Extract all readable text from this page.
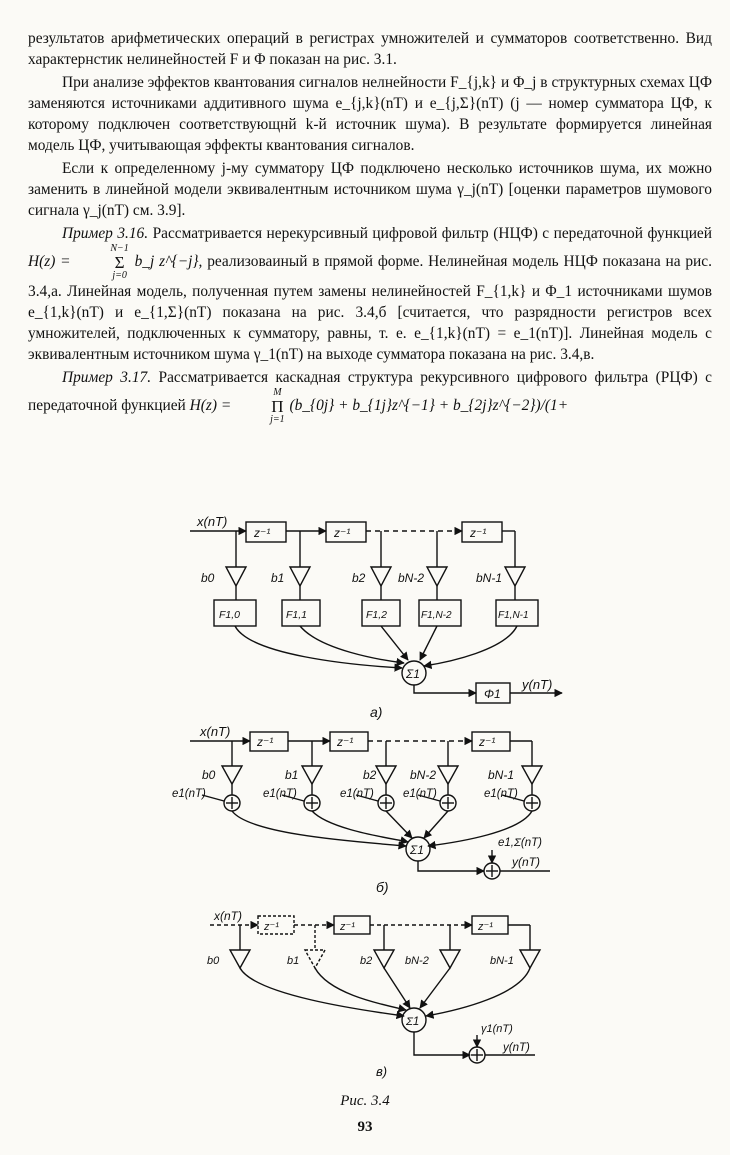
результатов арифметических операций в регистрах умножителей и сумматоров соответственно. Вид характернстик нелинейностей F и Φ показан на рис. 3.1.

При анализе эффектов квантования сигналов нелнейности F_{j,k} и Φ_j в структурных схемах ЦФ заменяются источниками аддитивного шума e_{j,k}(nT) и e_{j,Σ}(nT) (j — номер сумматора ЦФ, к которому подключен соответствующнй k-й источник шума). В результате формируется линейная модель ЦФ, учитывающая эффекты квантования сигналов.

Если к определенному j-му сумматору ЦФ подключено несколько источников шума, их можно заменить в линейной модели эквивалентным источником шума γ_j(nT) [оценки параметров шумового сигнала γ_j(nT) см. 3.9].

Пример 3.16. Рассматривается нерекурсивный цифровой фильтр (НЦФ) с передаточной функцией H(z) =
N−1
Σ
j=0
b_j z^{−j}, реализоваиный в прямой форме. Нелинейная модель НЦФ показана на рис. 3.4,а. Линейная модель, полученная путем замены нелинейностей F_{1,k} и Φ_1 источниками шумов e_{1,k}(nT) и e_{1,Σ}(nT) показана на рис. 3.4,б [считается, что разрядности регистров всех умножителей, подключенных к сумматору, равны, т. е. e_{1,k}(nT) = e_1(nT)]. Линейная модель с эквивалентным источником шума γ_1(nT) на выходе сумматора показана на рис. 3.4,в.

Пример 3.17. Рассматривается каскадная структура рекурсивного цифрового фильтра (РЦФ) с передаточной функцией H(z) =
M
Π
j=1
(b_{0j} + b_{1j}z^{−1} + b_{2j}z^{−2})/(1+

x(nT)
z⁻¹	z⁻¹	z⁻¹
b0	b1	b2	bN-2	bN-1
F1,0	F1,1	F1,2	F1,N-2	F1,N-1
Σ1
Φ1
y(nT)
а)
x(nT)
z⁻¹	z⁻¹	z⁻¹
b0	b1	b2	bN-2	bN-1
e1(nT)	e1(nT)	e1(nT)	e1(nT)	e1(nT)
Σ1	e1,Σ(nT)
y(nT)
б)
x(nT)
z⁻¹	z⁻¹	z⁻¹
b0	b1	b2	bN-2	bN-1
Σ1
γ1(nT)
y(nT)
в)
Рис. 3.4
93
